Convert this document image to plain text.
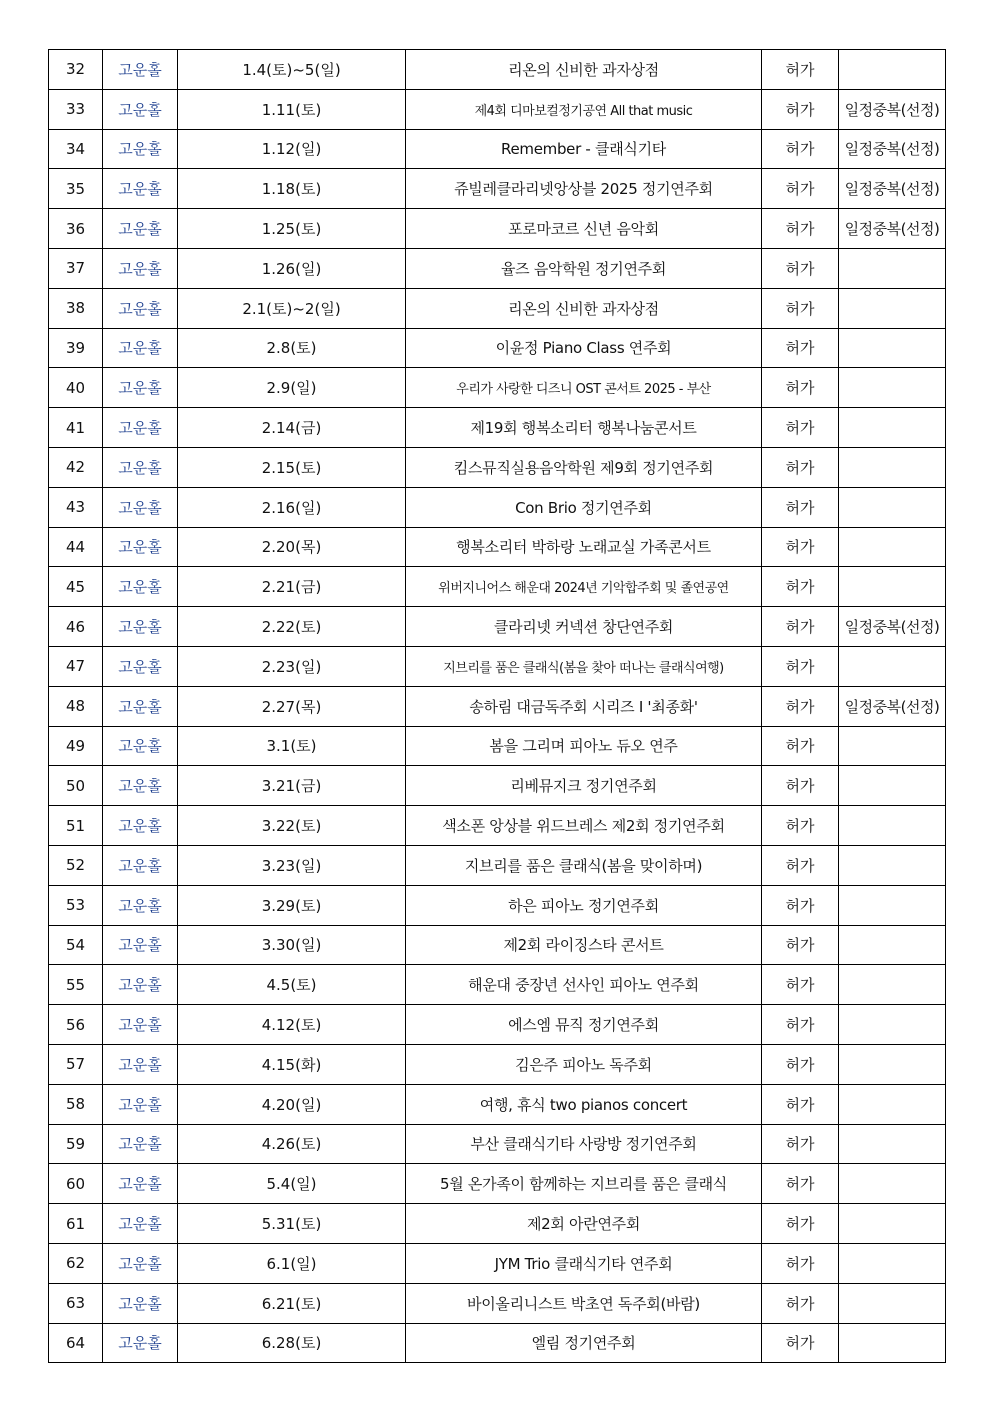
32	고운홀	1.4(토)~5(일)	리온의 신비한 과자상점	허가	
33	고운홀	1.11(토)	제4회 디마보컬정기공연 All that music	허가	일정중복(선정)
34	고운홀	1.12(일)	Remember - 클래식기타	허가	일정중복(선정)
35	고운홀	1.18(토)	쥬빌레클라리넷앙상블 2025 정기연주회	허가	일정중복(선정)
36	고운홀	1.25(토)	포로마코르 신년 음악회	허가	일정중복(선정)
37	고운홀	1.26(일)	율즈 음악학원 정기연주회	허가	
38	고운홀	2.1(토)~2(일)	리온의 신비한 과자상점	허가	
39	고운홀	2.8(토)	이윤정 Piano Class 연주회	허가	
40	고운홀	2.9(일)	우리가 사랑한 디즈니 OST 콘서트 2025 - 부산	허가	
41	고운홀	2.14(금)	제19회 행복소리터 행복나눔콘서트	허가	
42	고운홀	2.15(토)	킴스뮤직실용음악학원 제9회 정기연주회	허가	
43	고운홀	2.16(일)	Con Brio 정기연주회	허가	
44	고운홀	2.20(목)	행복소리터 박하랑 노래교실 가족콘서트	허가	
45	고운홀	2.21(금)	위버지니어스 해운대 2024년 기악합주회 및 졸연공연	허가	
46	고운홀	2.22(토)	클라리넷 커넥션 창단연주회	허가	일정중복(선정)
47	고운홀	2.23(일)	지브리를 품은 클래식(봄을 찾아 떠나는 클래식여행)	허가	
48	고운홀	2.27(목)	송하림 대금독주회 시리즈 I '최종화'	허가	일정중복(선정)
49	고운홀	3.1(토)	봄을 그리며 피아노 듀오 연주	허가	
50	고운홀	3.21(금)	리베뮤지크 정기연주회	허가	
51	고운홀	3.22(토)	색소폰 앙상블 위드브레스 제2회 정기연주회	허가	
52	고운홀	3.23(일)	지브리를 품은 클래식(봄을 맞이하며)	허가	
53	고운홀	3.29(토)	하은 피아노 정기연주회	허가	
54	고운홀	3.30(일)	제2회 라이징스타 콘서트	허가	
55	고운홀	4.5(토)	해운대 중장년 선사인 피아노 연주회	허가	
56	고운홀	4.12(토)	에스엠 뮤직 정기연주회	허가	
57	고운홀	4.15(화)	김은주 피아노 독주회	허가	
58	고운홀	4.20(일)	여행, 휴식 two pianos concert	허가	
59	고운홀	4.26(토)	부산 클래식기타 사랑방 정기연주회	허가	
60	고운홀	5.4(일)	5월 온가족이 함께하는 지브리를 품은 클래식	허가	
61	고운홀	5.31(토)	제2회 아란연주회	허가	
62	고운홀	6.1(일)	JYM Trio 클래식기타 연주회	허가	
63	고운홀	6.21(토)	바이올리니스트 박초연 독주회(바람)	허가	
64	고운홀	6.28(토)	엘림 정기연주회	허가	
